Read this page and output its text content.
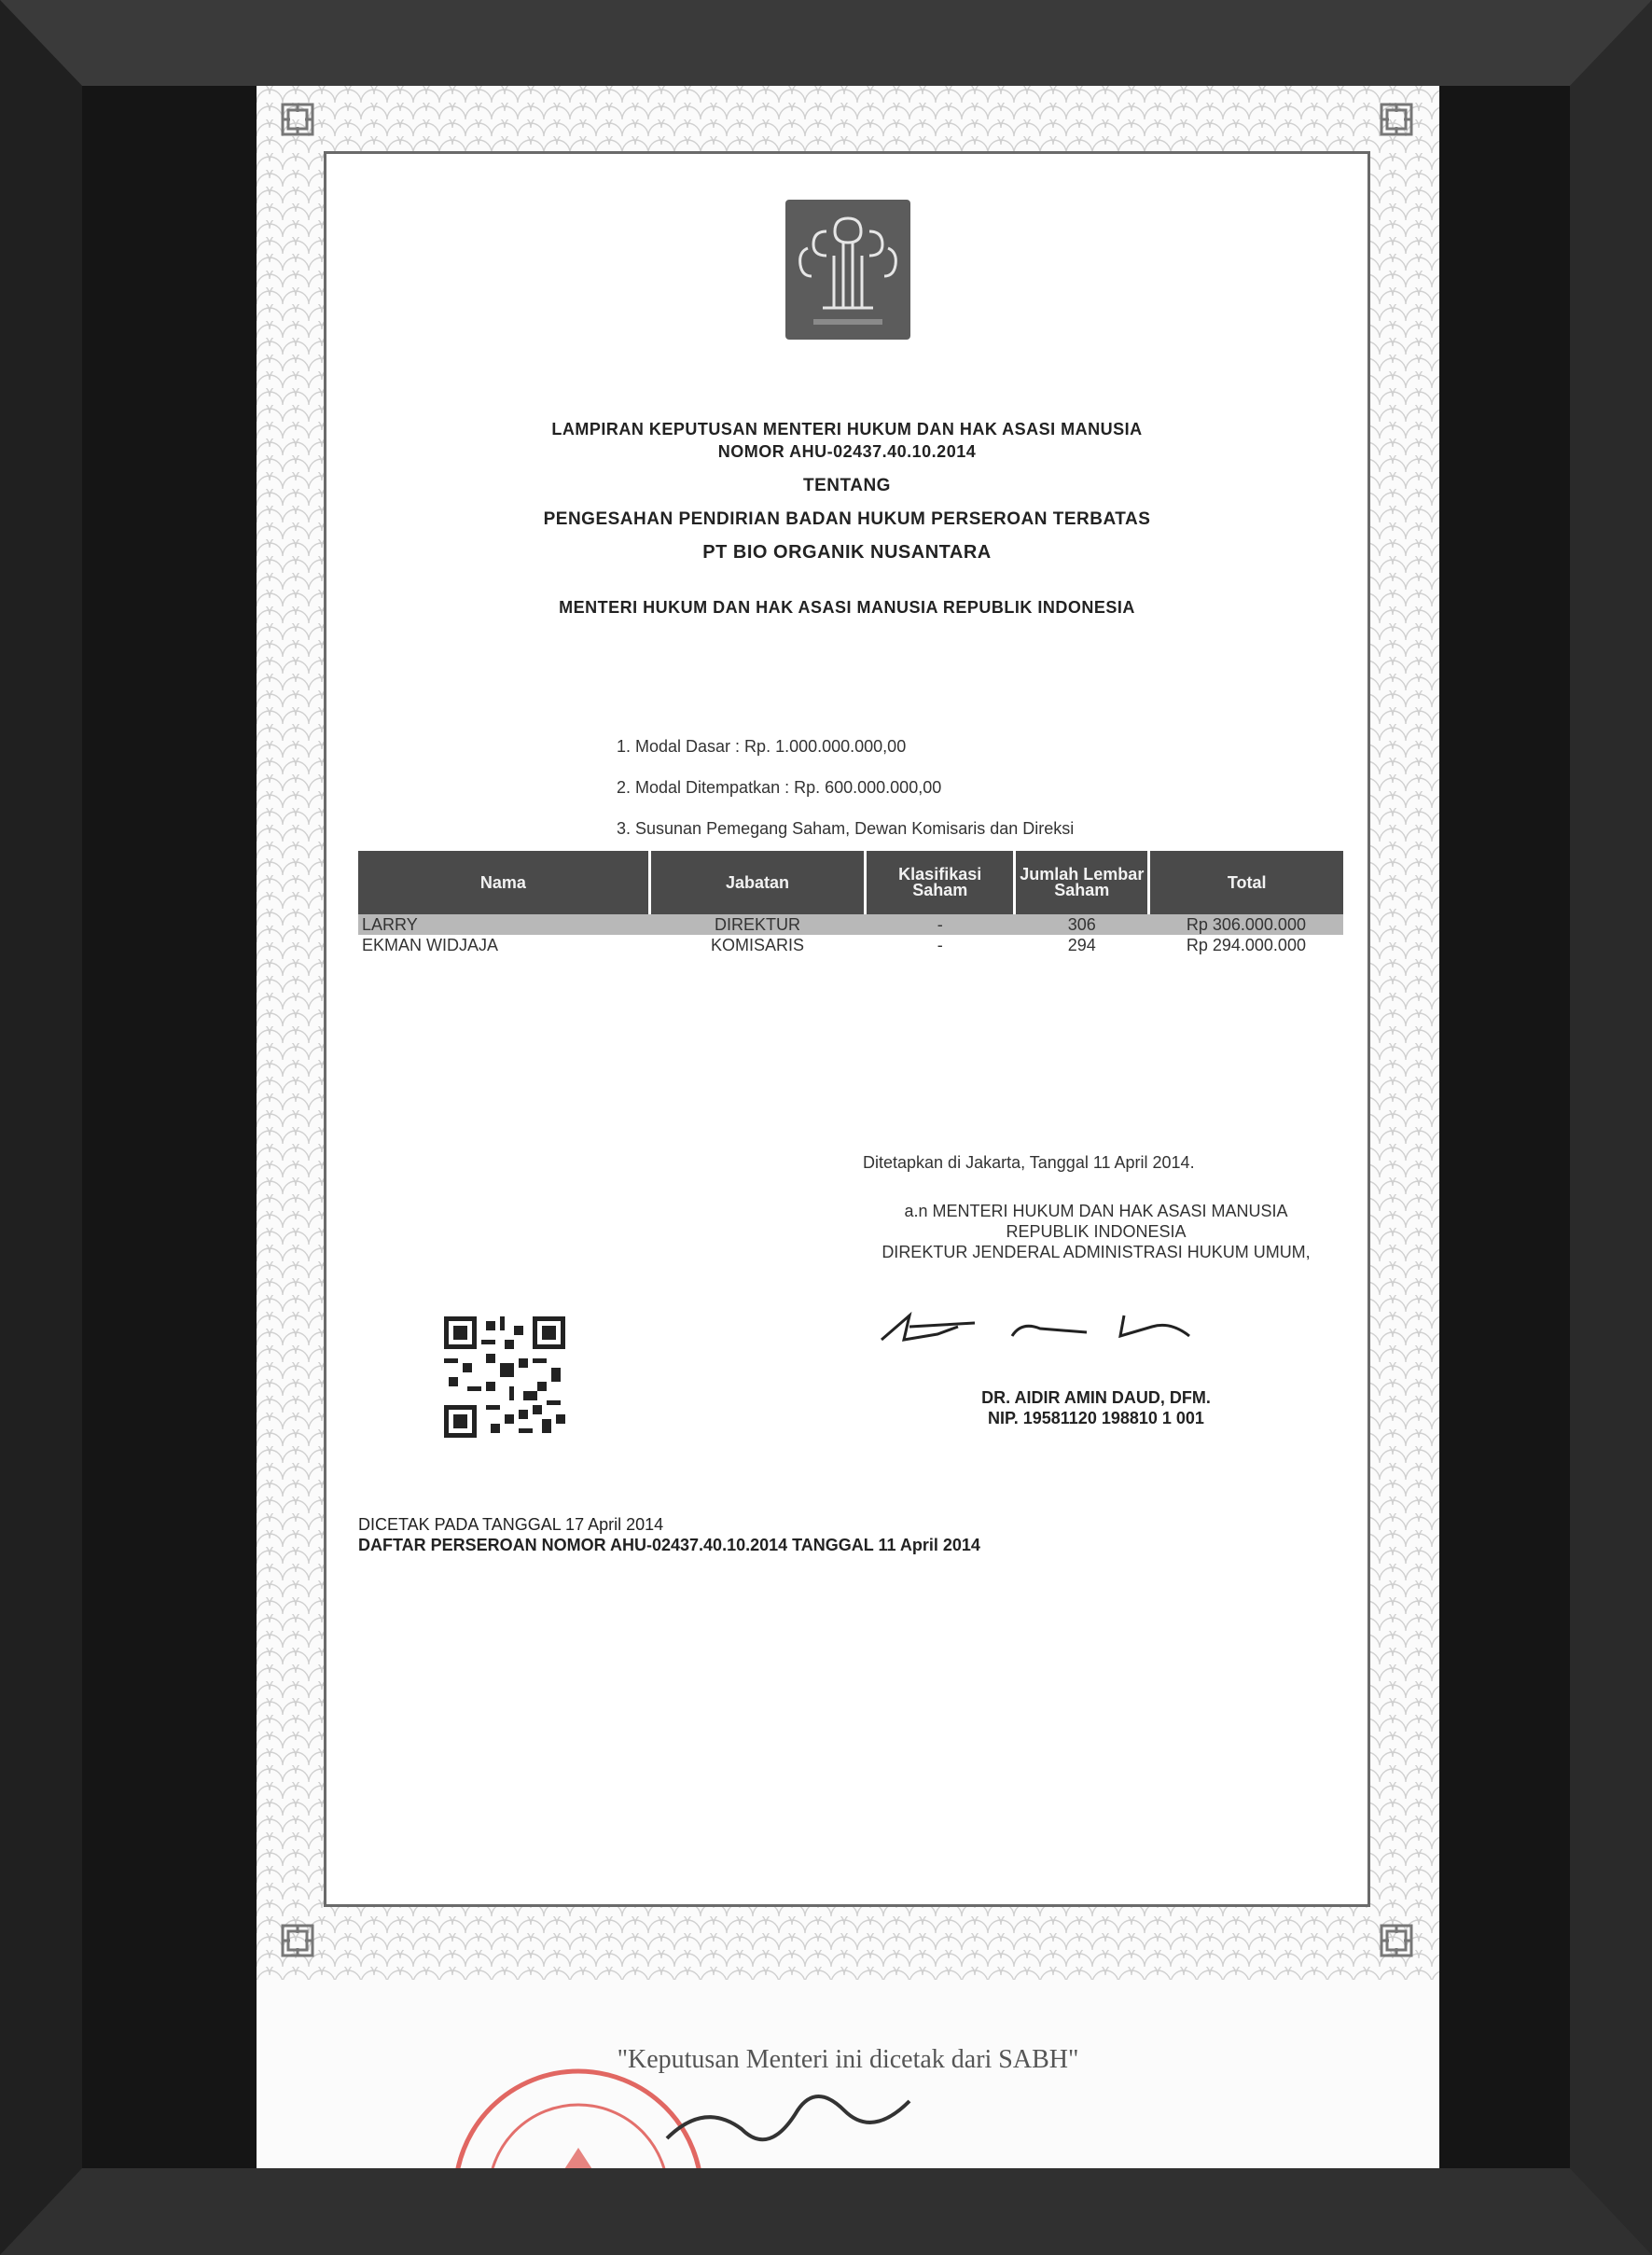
LAMPIRAN KEPUTUSAN MENTERI HUKUM DAN HAK ASASI MANUSIA
NOMOR AHU-02437.40.10.2014
TENTANG
PENGESAHAN PENDIRIAN BADAN HUKUM PERSEROAN TERBATAS
PT BIO ORGANIK NUSANTARA
MENTERI HUKUM DAN HAK ASASI MANUSIA REPUBLIK INDONESIA
1. Modal Dasar : Rp. 1.000.000.000,00
2. Modal Ditempatkan : Rp. 600.000.000,00
3. Susunan Pemegang Saham, Dewan Komisaris dan Direksi
Nama	Jabatan	Klasifikasi Saham	Jumlah Lembar Saham	Total
LARRY	DIREKTUR	-	306	Rp 306.000.000
EKMAN WIDJAJA	KOMISARIS	-	294	Rp 294.000.000
Ditetapkan di Jakarta, Tanggal 11 April 2014.
a.n MENTERI HUKUM DAN HAK ASASI MANUSIA
REPUBLIK INDONESIA
DIREKTUR JENDERAL ADMINISTRASI HUKUM UMUM,
DR. AIDIR AMIN DAUD, DFM.
NIP. 19581120 198810 1 001
DICETAK PADA TANGGAL 17 April 2014
DAFTAR PERSEROAN NOMOR AHU-02437.40.10.2014 TANGGAL 11 April 2014
"Keputusan Menteri ini dicetak dari SABH"
